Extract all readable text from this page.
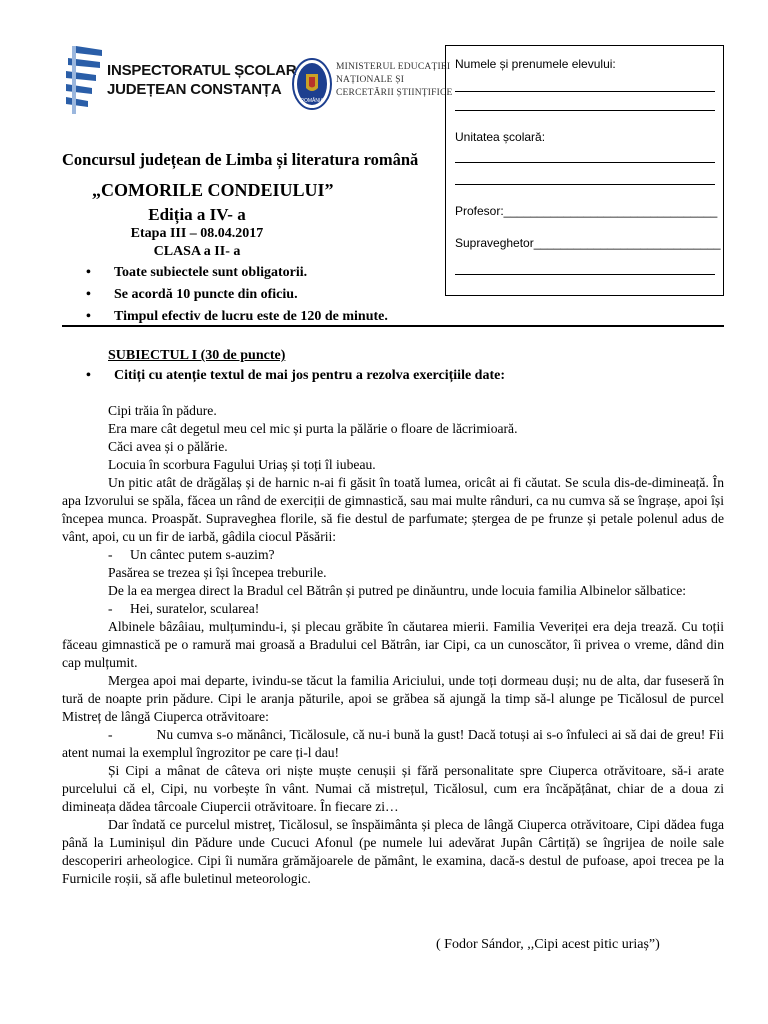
INSPECTORATUL ȘCOLAR
JUDEȚEAN CONSTANȚA
ROMÂNIA
MINISTERUL EDUCAȚIEI
NAȚIONALE ȘI
CERCETĂRII ȘTIINȚIFICE
Numele și prenumele elevului:
Unitatea școlară:
Profesor:________________________________
Supraveghetor____________________________
Concursul județean de Limba și literatura română
„COMORILE CONDEIULUI”
Ediția a IV- a
Etapa III – 08.04.2017
CLASA a II- a
• Toate subiectele sunt obligatorii.
• Se acordă 10 puncte din oficiu.
• Timpul efectiv de lucru este de 120 de minute.
SUBIECTUL I (30 de puncte)
• Citiți cu atenție textul de mai jos pentru a rezolva exercițiile date:

Cipi trăia în pădure.

Era mare cât degetul meu cel mic și purta la pălărie o floare de lăcrimioară.

Căci avea și o pălărie.

Locuia în scorbura Fagului Uriaș și toți îl iubeau.

Un pitic atât de drăgălaș și de harnic n-ai fi găsit în toată lumea, oricât ai fi căutat. Se scula dis-de-dimineață. În apa Izvorului se spăla, făcea un rând de exerciții de gimnastică, sau mai multe rânduri, ca nu cumva să se îngrașe, apoi își începea munca. Proaspăt. Supraveghea florile, să fie destul de parfumate; ștergea de pe frunze și petale polenul adus de vânt, apoi, cu un fir de iarbă, gâdila ciocul Păsării:

- Un cântec putem s-auzim?

Pasărea se trezea și își începea treburile.

De la ea mergea direct la Bradul cel Bătrân și putred pe dinăuntru, unde locuia familia Albinelor sălbatice:

- Hei, suratelor, scularea!

Albinele bâzâiau, mulțumindu-i, și plecau grăbite în căutarea mierii. Familia Veveriței era deja trează. Cu toții făceau gimnastică pe o ramură mai groasă a Bradului cel Bătrân, iar Cipi, ca un cunoscător, îi privea o vreme, dând din cap mulțumit.

Mergea apoi mai departe, ivindu-se tăcut la familia Ariciului, unde toți dormeau duși; nu de alta, dar fuseseră în tură de noapte prin pădure. Cipi le aranja păturile, apoi se grăbea să ajungă la timp să-l alunge pe Ticălosul de purcel Mistreț de lângă Ciuperca otrăvitoare:

-	Nu cumva s-o mănânci, Ticălosule, că nu-i bună la gust! Dacă totuși ai s-o înfuleci ai să dai de greu! Fii atent numai la exemplul îngrozitor pe care ți-l dau!

Și Cipi a mânat de câteva ori niște muște cenușii și fără personalitate spre Ciuperca otrăvitoare, să-i arate purcelului că el, Cipi, nu vorbește în vânt. Numai că mistrețul, Ticălosul, cum era încăpățânat, chiar de a doua zi dimineața dădea târcoale Ciupercii otrăvitoare. În fiecare zi…

Dar îndată ce purcelul mistreț, Ticălosul, se înspăimânta și pleca de lângă Ciuperca otrăvitoare, Cipi dădea fuga până la Luminișul din Pădure unde Cucuci Afonul (pe numele lui adevărat Jupân Cârtiță) se îngrijea de noile sale descoperiri arheologice. Cipi îi număra grămăjoarele de pământ, le examina, dacă-s destul de pufoase, apoi trecea pe la Furnicile roșii, să afle buletinul meteorologic.

( Fodor Sándor, ,,Cipi acest pitic uriaș”)
